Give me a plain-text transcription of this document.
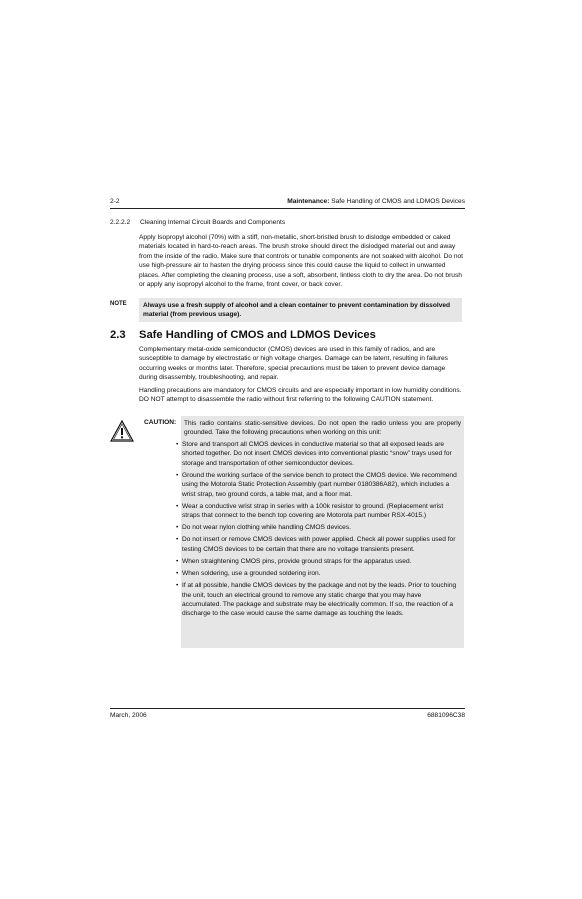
2-2	Maintenance: Safe Handling of CMOS and LDMOS Devices
2.2.2.2 Cleaning Internal Circuit Boards and Components

Apply Isopropyl alcohol (70%) with a stiff, non-metallic, short-bristled brush to dislodge embedded or caked materials located in hard-to-reach areas. The brush stroke should direct the dislodged material out and away from the inside of the radio. Make sure that controls or tunable components are not soaked with alcohol. Do not use high-pressure air to hasten the drying process since this could cause the liquid to collect in unwanted places. After completing the cleaning process, use a soft, absorbent, lintless cloth to dry the area. Do not brush or apply any isopropyl alcohol to the frame, front cover, or back cover.

NOTE	Always use a fresh supply of alcohol and a clean container to prevent contamination by dissolved material (from previous usage).
2.3 Safe Handling of CMOS and LDMOS Devices

Complementary metal-oxide semiconductor (CMOS) devices are used in this family of radios, and are susceptible to damage by electrostatic or high voltage charges. Damage can be latent, resulting in failures occurring weeks or months later. Therefore, special precautions must be taken to prevent device damage during disassembly, troubleshooting, and repair.

Handling precautions are mandatory for CMOS circuits and are especially important in low humidity conditions. DO NOT attempt to disassemble the radio without first referring to the following CAUTION statement.

CAUTION: This radio contains static-sensitive devices. Do not open the radio unless you are properly grounded. Take the following precautions when working on this unit:

• Store and transport all CMOS devices in conductive material so that all exposed leads are shorted together. Do not insert CMOS devices into conventional plastic “snow” trays used for storage and transportation of other semiconductor devices.
• Ground the working surface of the service bench to protect the CMOS device. We recommend using the Motorola Static Protection Assembly (part number 0180386A82), which includes a wrist strap, two ground cords, a table mat, and a floor mat.
• Wear a conductive wrist strap in series with a 100k resistor to ground. (Replacement wrist straps that connect to the bench top covering are Motorola part number RSX-4015.)
• Do not wear nylon clothing while handling CMOS devices.
• Do not insert or remove CMOS devices with power applied. Check all power supplies used for testing CMOS devices to be certain that there are no voltage transients present.
• When straightening CMOS pins, provide ground straps for the apparatus used.
• When soldering, use a grounded soldering iron.
• If at all possible, handle CMOS devices by the package and not by the leads. Prior to touching the unit, touch an electrical ground to remove any static charge that you may have accumulated. The package and substrate may be electrically common. If so, the reaction of a discharge to the case would cause the same damage as touching the leads.
March, 2006	6881096C38
